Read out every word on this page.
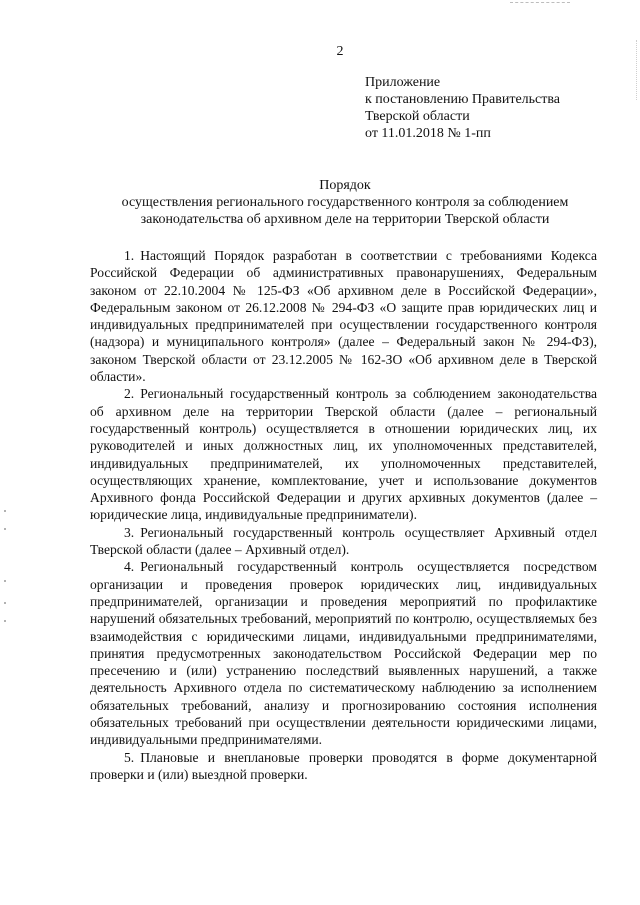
2
Приложение
к постановлению Правительства
Тверской области
от 11.01.2018 № 1-пп
Порядок
осуществления регионального государственного контроля за соблюдением
законодательства об архивном деле на территории Тверской области

1. Настоящий Порядок разработан в соответствии с требованиями Кодекса Российской Федерации об административных правонарушениях, Федеральным законом от 22.10.2004 № 125-ФЗ «Об архивном деле в Российской Федерации», Федеральным законом от 26.12.2008 № 294-ФЗ «О защите прав юридических лиц и индивидуальных предпринимателей при осуществлении государственного контроля (надзора) и муниципального контроля» (далее – Федеральный закон № 294-ФЗ), законом Тверской области от 23.12.2005 № 162-ЗО «Об архивном деле в Тверской области».

2. Региональный государственный контроль за соблюдением законодательства об архивном деле на территории Тверской области (далее – региональный государственный контроль) осуществляется в отношении юридических лиц, их руководителей и иных должностных лиц, их уполномоченных представителей, индивидуальных предпринимателей, их уполномоченных представителей, осуществляющих хранение, комплектование, учет и использование документов Архивного фонда Российской Федерации и других архивных документов (далее – юридические лица, индивидуальные предприниматели).

3. Региональный государственный контроль осуществляет Архивный отдел Тверской области (далее – Архивный отдел).

4. Региональный государственный контроль осуществляется посредством организации и проведения проверок юридических лиц, индивидуальных предпринимателей, организации и проведения мероприятий по профилактике нарушений обязательных требований, мероприятий по контролю, осуществляемых без взаимодействия с юридическими лицами, индивидуальными предпринимателями, принятия предусмотренных законодательством Российской Федерации мер по пресечению и (или) устранению последствий выявленных нарушений, а также деятельность Архивного отдела по систематическому наблюдению за исполнением обязательных требований, анализу и прогнозированию состояния исполнения обязательных требований при осуществлении деятельности юридическими лицами, индивидуальными предпринимателями.

5. Плановые и внеплановые проверки проводятся в форме документарной проверки и (или) выездной проверки.
